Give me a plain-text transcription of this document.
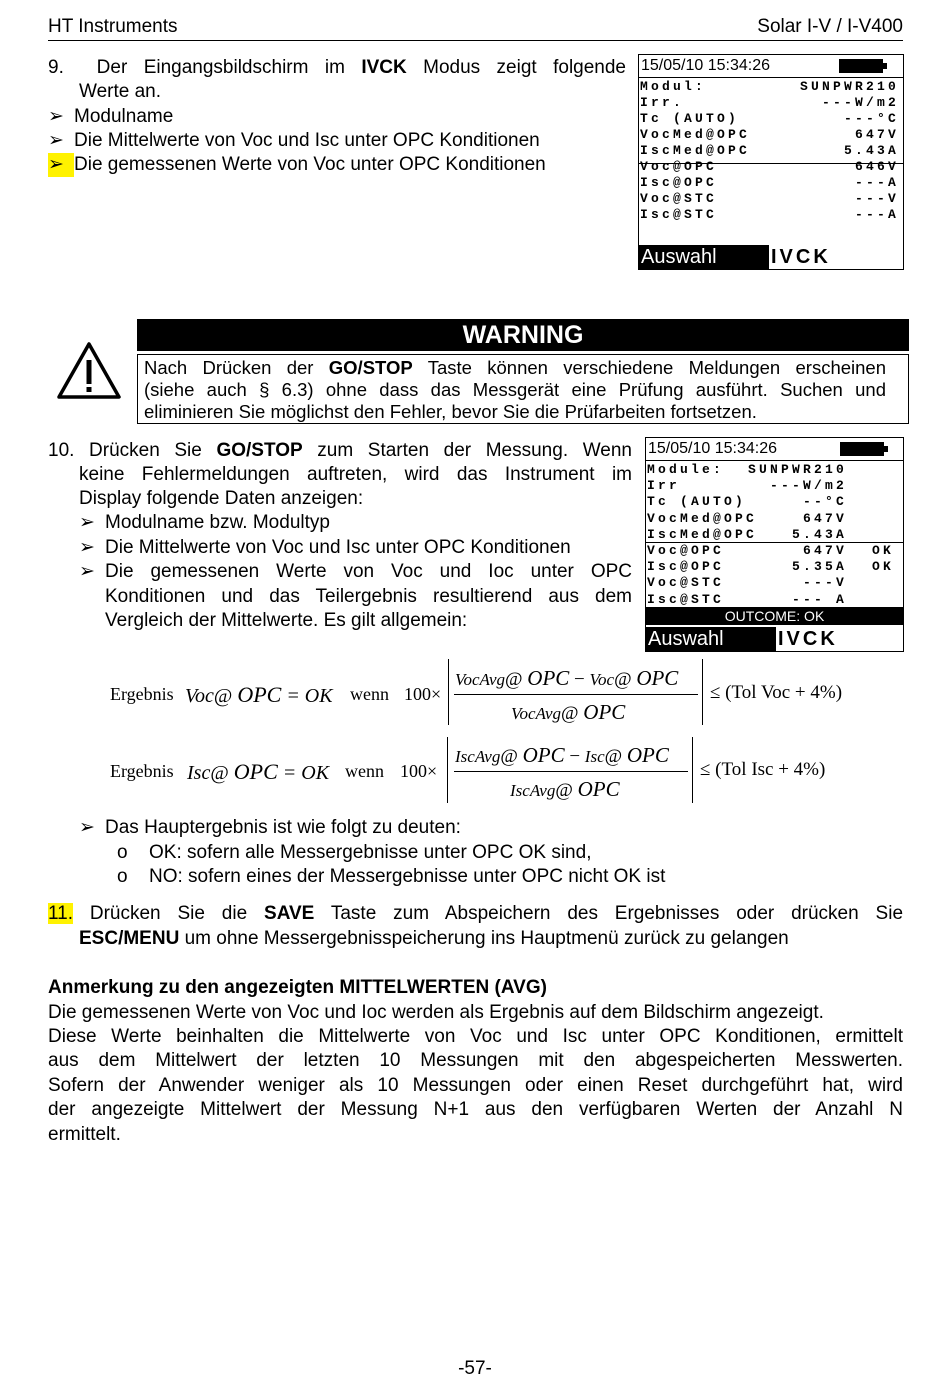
HT Instruments	Solar I-V / I-V400
9. Der Eingangsbildschirm im IVCK Modus zeigt folgende
Werte an.
➢ Modulname
➢ Die Mittelwerte von Voc und Isc unter OPC Konditionen
➢ Die gemessenen Werte von Voc unter OPC Konditionen
15/05/10 15:34:26
Modul:	SUNPWR210
Irr.	---W/m2
Tc (AUTO)	---°C
VocMed@OPC	647V
IscMed@OPC	5.43A
Voc@OPC	646V
Isc@OPC	---A
Voc@STC	---V
Isc@STC	---A
Auswahl	IVCK
WARNING
Nach Drücken der GO/STOP Taste können verschiedene Meldungen erscheinen
(siehe auch § 6.3) ohne dass das Messgerät eine Prüfung ausführt. Suchen und
eliminieren Sie möglichst den Fehler, bevor Sie die Prüfarbeiten fortsetzen.
10. Drücken Sie GO/STOP zum Starten der Messung. Wenn
keine Fehlermeldungen auftreten, wird das Instrument im
Display folgende Daten anzeigen:
➢ Modulname bzw. Modultyp
➢ Die Mittelwerte von Voc und Isc unter OPC Konditionen
➢ Die gemessenen Werte von Voc und Ioc unter OPC
Konditionen und das Teilergebnis resultierend aus dem
Vergleich der Mittelwerte. Es gilt allgemein:
15/05/10 15:34:26
Module: SUNPWR210
Irr	---W/m2
Tc (AUTO)	--°C
VocMed@OPC	647V
IscMed@OPC	5.43A
Voc@OPC	647V OK
Isc@OPC	5.35A OK
Voc@STC	---V
Isc@STC	--- A
OUTCOME: OK
Auswahl	IVCK
Ergebnis Voc@ OPC = OK wenn 100×
VocAvg@ OPC − Voc@ OPC
VocAvg@ OPC
≤ (Tol Voc + 4%)
Ergebnis Isc@ OPC = OK wenn 100×
IscAvg@ OPC − Isc@ OPC
IscAvg@ OPC
≤ (Tol Isc + 4%)
➢ Das Hauptergebnis ist wie folgt zu deuten:
o OK: sofern alle Messergebnisse unter OPC OK sind,
o NO: sofern eines der Messergebnisse unter OPC nicht OK ist
11. Drücken Sie die SAVE Taste zum Abspeichern des Ergebnisses oder drücken Sie
ESC/MENU um ohne Messergebnisspeicherung ins Hauptmenü zurück zu gelangen
Anmerkung zu den angezeigten MITTELWERTEN (AVG)
Die gemessenen Werte von Voc und Ioc werden als Ergebnis auf dem Bildschirm angezeigt.
Diese Werte beinhalten die Mittelwerte von Voc und Isc unter OPC Konditionen, ermittelt
aus dem Mittelwert der letzten 10 Messungen mit den abgespeicherten Messwerten.
Sofern der Anwender weniger als 10 Messungen oder einen Reset durchgeführt hat, wird
der angezeigte Mittelwert der Messung N+1 aus den verfügbaren Werten der Anzahl N
ermittelt.
-57-
